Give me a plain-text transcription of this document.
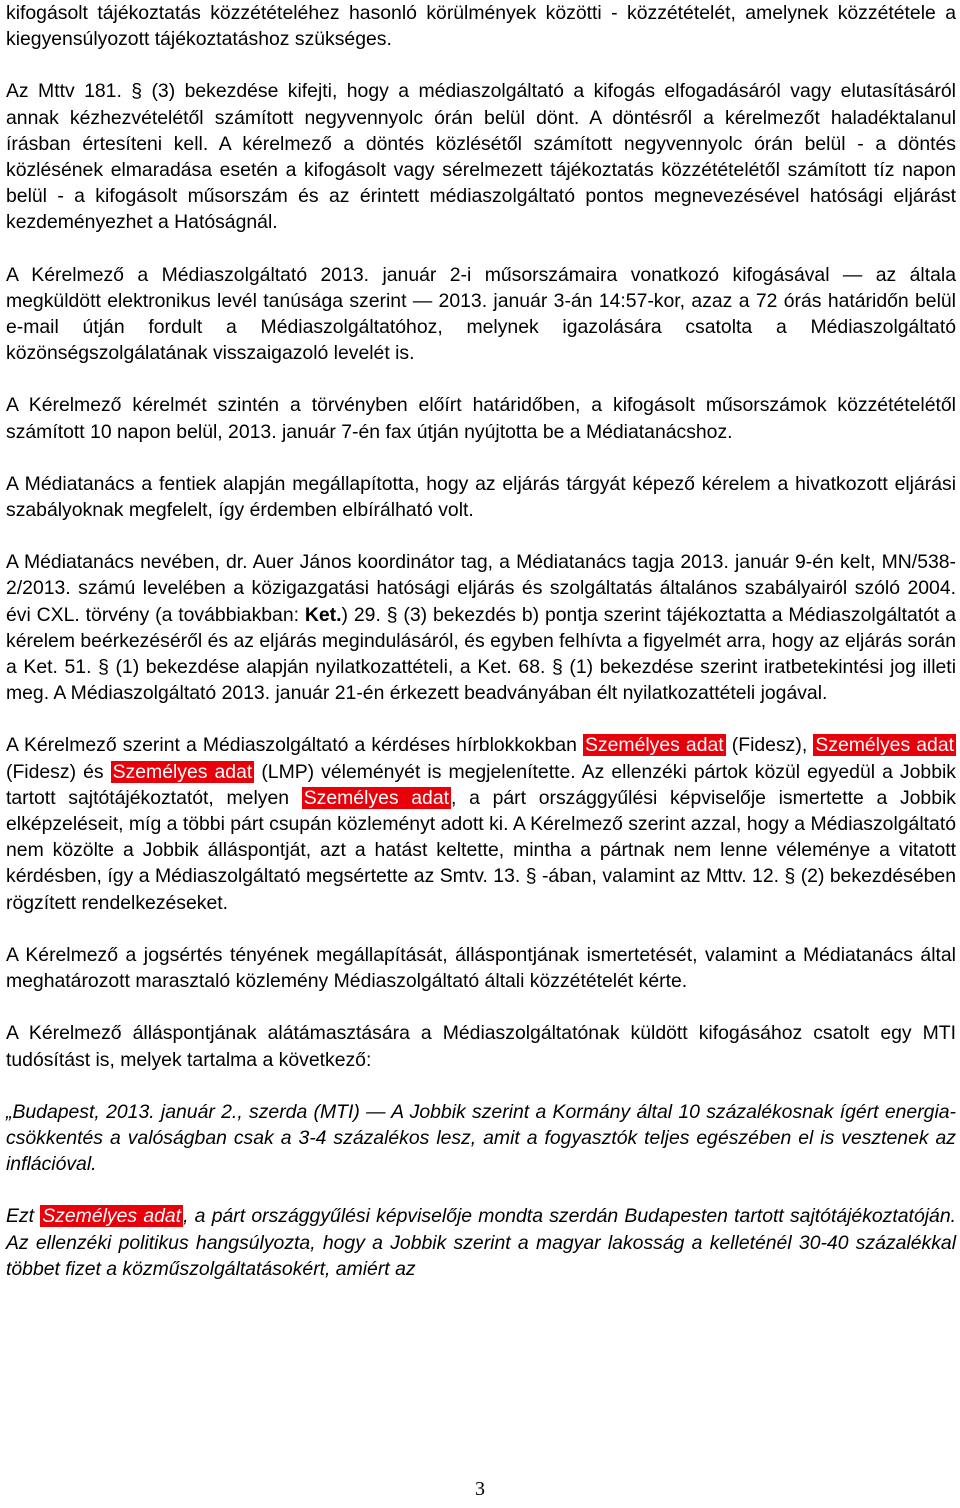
kifogásolt tájékoztatás közzétételéhez hasonló körülmények közötti - közzétételét, amelynek közzététele a kiegyensúlyozott tájékoztatáshoz szükséges.

Az Mttv 181. § (3) bekezdése kifejti, hogy a médiaszolgáltató a kifogás elfogadásáról vagy elutasításáról annak kézhezvételétől számított negyvennyolc órán belül dönt. A döntésről a kérelmezőt haladéktalanul írásban értesíteni kell. A kérelmező a döntés közlésétől számított negyvennyolc órán belül - a döntés közlésének elmaradása esetén a kifogásolt vagy sérelmezett tájékoztatás közzétételétől számított tíz napon belül - a kifogásolt műsorszám és az érintett médiaszolgáltató pontos megnevezésével hatósági eljárást kezdeményezhet a Hatóságnál.

A Kérelmező a Médiaszolgáltató 2013. január 2-i műsorszámaira vonatkozó kifogásával — az általa megküldött elektronikus levél tanúsága szerint — 2013. január 3-án 14:57-kor, azaz a 72 órás határidőn belül e-mail útján fordult a Médiaszolgáltatóhoz, melynek igazolására csatolta a Médiaszolgáltató közönségszolgálatának visszaigazoló levelét is.

A Kérelmező kérelmét szintén a törvényben előírt határidőben, a kifogásolt műsorszámok közzétételétől számított 10 napon belül, 2013. január 7-én fax útján nyújtotta be a Médiatanácshoz.

A Médiatanács a fentiek alapján megállapította, hogy az eljárás tárgyát képező kérelem a hivatkozott eljárási szabályoknak megfelelt, így érdemben elbírálható volt.

A Médiatanács nevében, dr. Auer János koordinátor tag, a Médiatanács tagja 2013. január 9-én kelt, MN/538-2/2013. számú levelében a közigazgatási hatósági eljárás és szolgáltatás általános szabályairól szóló 2004. évi CXL. törvény (a továbbiakban: Ket.) 29. § (3) bekezdés b) pontja szerint tájékoztatta a Médiaszolgáltatót a kérelem beérkezéséről és az eljárás megindulásáról, és egyben felhívta a figyelmét arra, hogy az eljárás során a Ket. 51. § (1) bekezdése alapján nyilatkozattételi, a Ket. 68. § (1) bekezdése szerint iratbetekintési jog illeti meg. A Médiaszolgáltató 2013. január 21-én érkezett beadványában élt nyilatkozattételi jogával.

A Kérelmező szerint a Médiaszolgáltató a kérdéses hírblokkokban Személyes adat (Fidesz), Személyes adat (Fidesz) és Személyes adat (LMP) véleményét is megjelenítette. Az ellenzéki pártok közül egyedül a Jobbik tartott sajtótájékoztatót, melyen Személyes adat , a párt országgyűlési képviselője ismertette a Jobbik elképzeléseit, míg a többi párt csupán közleményt adott ki. A Kérelmező szerint azzal, hogy a Médiaszolgáltató nem közölte a Jobbik álláspontját, azt a hatást keltette, mintha a pártnak nem lenne véleménye a vitatott kérdésben, így a Médiaszolgáltató megsértette az Smtv. 13. § -ában, valamint az Mttv. 12. § (2) bekezdésében rögzített rendelkezéseket.

A Kérelmező a jogsértés tényének megállapítását, álláspontjának ismertetését, valamint a Médiatanács által meghatározott marasztaló közlemény Médiaszolgáltató általi közzétételét kérte.

A Kérelmező álláspontjának alátámasztására a Médiaszolgáltatónak küldött kifogásához csatolt egy MTI tudósítást is, melyek tartalma a következő:

„Budapest, 2013. január 2., szerda (MTI) — A Jobbik szerint a Kormány által 10 százalékosnak ígért energia-csökkentés a valóságban csak a 3-4 százalékos lesz, amit a fogyasztók teljes egészében el is vesztenek az inflációval.

Ezt Személyes adat , a párt országgyűlési képviselője mondta szerdán Budapesten tartott sajtótájékoztatóján. Az ellenzéki politikus hangsúlyozta, hogy a Jobbik szerint a magyar lakosság a kelleténél 30-40 százalékkal többet fizet a közműszolgáltatásokért, amiért az

3
